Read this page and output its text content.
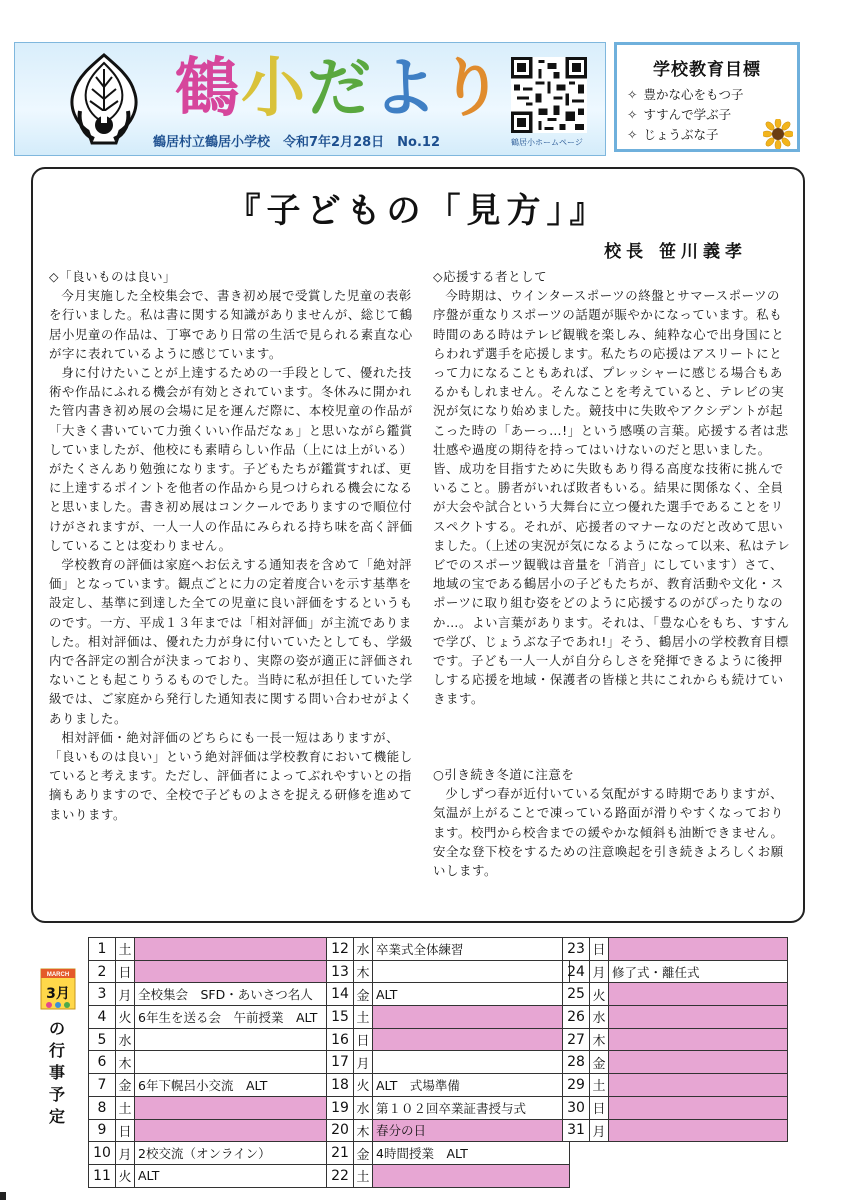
鶴小だより
鶴居村立鶴居小学校　令和7年2月28日　No.12	鶴居小ホームページ
学校教育目標
✧ 豊かな心をもつ子
✧ すすんで学ぶ子
✧ じょうぶな子
『子どもの「見方」』
校長 笹川義孝

◇「良いものは良い」

今月実施した全校集会で、書き初め展で受賞した児童の表彰を行いました。私は書に関する知識がありませんが、総じて鶴居小児童の作品は、丁寧であり日常の生活で見られる素直な心が字に表れているように感じています。

身に付けたいことが上達するための一手段として、優れた技術や作品にふれる機会が有効とされています。冬休みに開かれた管内書き初め展の会場に足を運んだ際に、本校児童の作品が「大きく書いていて力強くいい作品だなぁ」と思いながら鑑賞していましたが、他校にも素晴らしい作品（上には上がいる）がたくさんあり勉強になります。子どもたちが鑑賞すれば、更に上達するポイントを他者の作品から見つけられる機会になると思いました。書き初め展はコンクールでありますので順位付けがされますが、一人一人の作品にみられる持ち味を高く評価していることは変わりません。

学校教育の評価は家庭へお伝えする通知表を含めて「絶対評価」となっています。観点ごとに力の定着度合いを示す基準を設定し、基準に到達した全ての児童に良い評価をするというものです。一方、平成１３年までは「相対評価」が主流でありました。相対評価は、優れた力が身に付いていたとしても、学級内で各評定の割合が決まっており、実際の姿が適正に評価されないことも起こりうるものでした。当時に私が担任していた学級では、ご家庭から発行した通知表に関する問い合わせがよくありました。

相対評価・絶対評価のどちらにも一長一短はありますが、「良いものは良い」という絶対評価は学校教育において機能していると考えます。ただし、評価者によってぶれやすいとの指摘もありますので、全校で子どものよさを捉える研修を進めてまいります。

◇応援する者として

今時期は、ウインタースポーツの終盤とサマースポーツの序盤が重なりスポーツの話題が賑やかになっています。私も時間のある時はテレビ観戦を楽しみ、純粋な心で出身国にとらわれず選手を応援します。私たちの応援はアスリートにとって力になることもあれば、プレッシャーに感じる場合もあるかもしれません。そんなことを考えていると、テレビの実況が気になり始めました。競技中に失敗やアクシデントが起こった時の「あーっ…!」という感嘆の言葉。応援する者は悲壮感や過度の期待を持ってはいけないのだと思いました。皆、成功を目指すために失敗もあり得る高度な技術に挑んでいること。勝者がいれば敗者もいる。結果に関係なく、全員が大会や試合という大舞台に立つ優れた選手であることをリスペクトする。それが、応援者のマナーなのだと改めて思いました。（上述の実況が気になるようになって以来、私はテレビでのスポーツ観戦は音量を「消音」にしています）さて、地域の宝である鶴居小の子どもたちが、教育活動や文化・スポーツに取り組む姿をどのように応援するのがぴったりなのか…。よい言葉があります。それは、「豊な心をもち、すすんで学び、じょうぶな子であれ!」そう、鶴居小の学校教育目標です。子ども一人一人が自分らしさを発揮できるように後押しする応援を地域・保護者の皆様と共にこれからも続けていきます。

○引き続き冬道に注意を

少しずつ春が近付いている気配がする時期でありますが、気温が上がることで凍っている路面が滑りやすくなっております。校門から校舎までの緩やかな傾斜も油断できません。安全な登下校をするための注意喚起を引き続きよろしくお願いします。

MARCH
3月
の
行
事
予
定
1	土	
2	日	
3	月	全校集会　SFD・あいさつ名人
4	火	6年生を送る会　午前授業　ALT
5	水	
6	木	
7	金	6年下幌呂小交流　ALT
8	土	
9	日	
10	月	2校交流（オンライン）
11	火	ALT
12	水	卒業式全体練習
13	木	
14	金	ALT
15	土	
16	日	
17	月	
18	火	ALT　式場準備
19	水	第１０２回卒業証書授与式
20	木	春分の日
21	金	4時間授業　ALT
22	土	
23	日	
24	月	修了式・離任式
25	火	
26	水	
27	木	
28	金	
29	土	
30	日	
31	月	
